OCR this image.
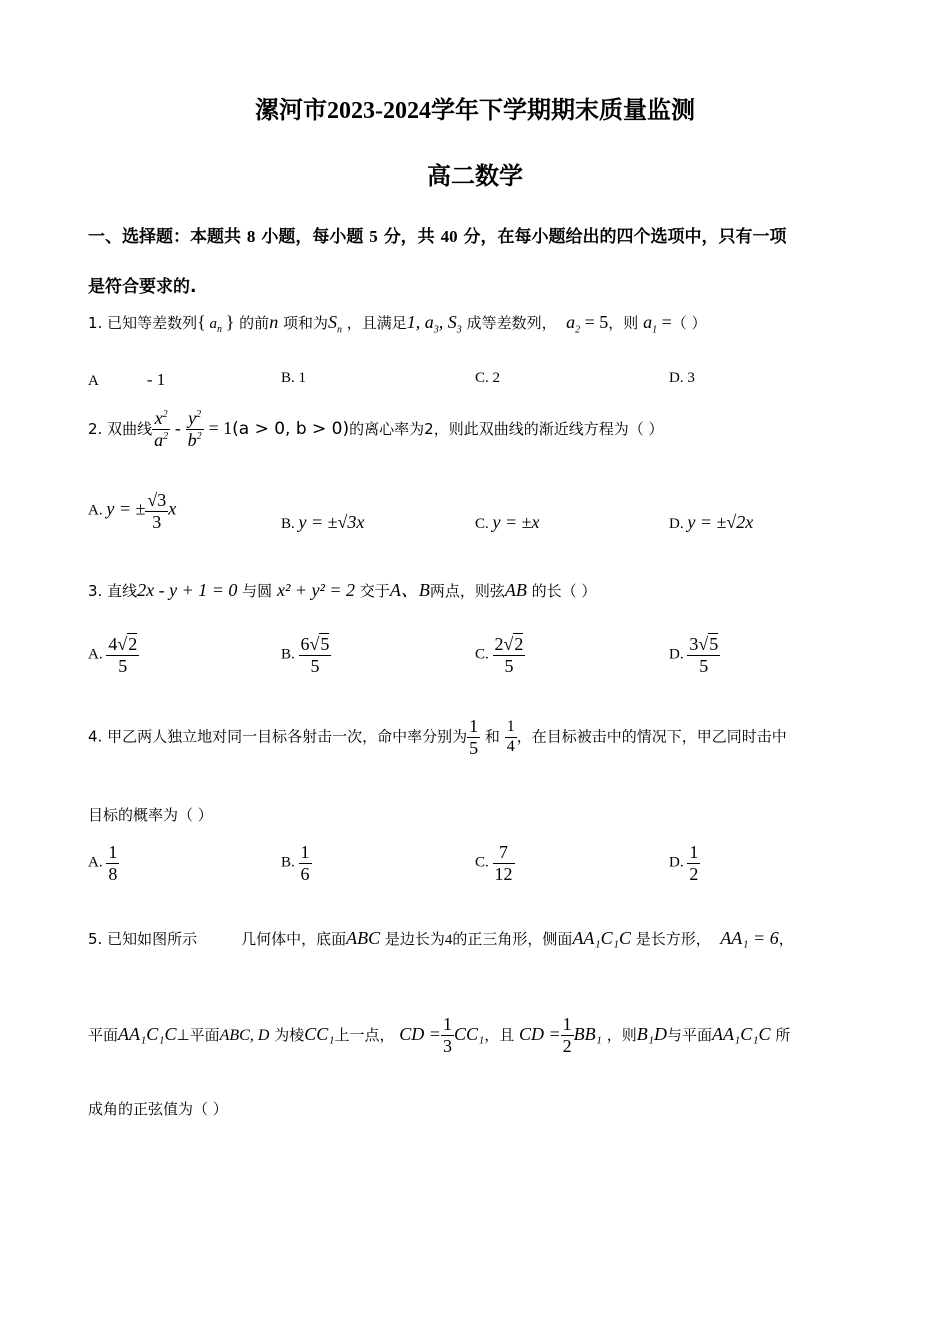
漯河市2023-2024学年下学期期末质量监测
高二数学
一、选择题：本题共 8 小题，每小题 5 分，共 40 分，在每小题给出的四个选项中，只有一项
是符合要求的.
1. 已知等差数列{ $a_n$ } 的前n 项和为$S_n$ ，且满足1, $a_3$, $S_3$ 成等差数列， $a_2 = 5$，则 $a_1$ =（ ）
A	- 1	B. 1	C. 2	D. 3
2. 双曲线 $\frac{x^2}{a^2} - \frac{y^2}{b^2} = 1(a > 0$, b > 0)的离心率为2，则此双曲线的渐近线方程为（ ）
A. y = ± $\frac{√3}{3}$ x
B. y = ±√3x	C. y = ±x	D. y = ±√2x
3. 直线2x - y + 1 = 0 与圆 x² + y² = 2 交于A、B两点，则弦AB 的长（ ）
A. $\frac{4√2}{5}$	B. $\frac{6√5}{5}$	C. $\frac{2√2}{5}$	D. $\frac{3√5}{5}$
4. 甲乙两人独立地对同一目标各射击一次，命中率分别为 $\frac{1}{5}$ 和 $\frac{1}{4}$ ，在目标被击中的情况下，甲乙同时击中
目标的概率为（ ）
A. $\frac{1}{8}$	B. $\frac{1}{6}$	C. $\frac{7}{12}$	D. $\frac{1}{2}$
5. 已知如图所示	几何体中，底面ABC 是边长为4的正三角形，侧面AA₁C₁C 是长方形， AA₁ = 6，
平面AA₁C₁C⊥平面ABC, D 为棱CC₁上一点， CD = $\frac{1}{3} CC_1$，且 CD = $\frac{1}{2} BB_1$ ，则B₁D与平面AA₁C₁C 所
成角的正弦值为（ ）
